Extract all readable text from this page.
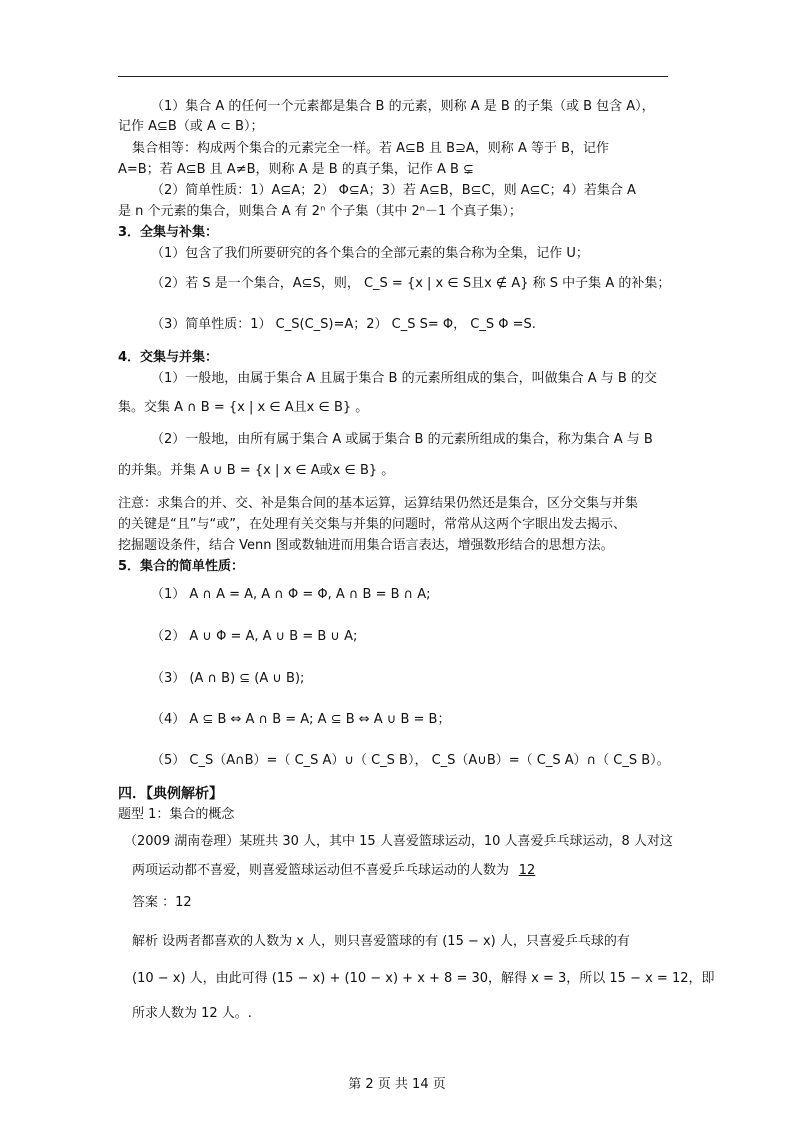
（1）集合 A 的任何一个元素都是集合 B 的元素，则称 A 是 B 的子集（或 B 包含 A），
记作 A⊆B（或 A ⊂ B）；
集合相等：构成两个集合的元素完全一样。若 A⊆B 且 B⊇A，则称 A 等于 B，记作
A=B；若 A⊆B 且 A≠B，则称 A 是 B 的真子集，记作 A B ⊊
（2）简单性质：1）A⊆A；2） Φ⊆A；3）若 A⊆B，B⊆C，则 A⊆C；4）若集合 A
是 n 个元素的集合，则集合 A 有 2ⁿ 个子集（其中 2ⁿ－1 个真子集）；
3．全集与补集：
（1）包含了我们所要研究的各个集合的全部元素的集合称为全集，记作 U；
（2）若 S 是一个集合，A⊆S，则， C_S = {x | x ∈ S且x ∉ A} 称 S 中子集 A 的补集；
（3）简单性质：1） C_S(C_S)=A；2） C_S S= Φ， C_S Φ =S.
4．交集与并集：
（1）一般地，由属于集合 A 且属于集合 B 的元素所组成的集合，叫做集合 A 与 B 的交
集。交集 A ∩ B = {x | x ∈ A且x ∈ B} 。
（2）一般地，由所有属于集合 A 或属于集合 B 的元素所组成的集合，称为集合 A 与 B
的并集。并集 A ∪ B = {x | x ∈ A或x ∈ B} 。
注意：求集合的并、交、补是集合间的基本运算，运算结果仍然还是集合，区分交集与并集
的关键是“且”与“或”，在处理有关交集与并集的问题时，常常从这两个字眼出发去揭示、
挖掘题设条件，结合 Venn 图或数轴进而用集合语言表达，增强数形结合的思想方法。
5．集合的简单性质：
（1） A ∩ A = A, A ∩ Φ = Φ, A ∩ B = B ∩ A;
（2） A ∪ Φ = A, A ∪ B = B ∪ A;
（3） (A ∩ B) ⊆ (A ∪ B);
（4） A ⊆ B ⇔ A ∩ B = A; A ⊆ B ⇔ A ∪ B = B；
（5） C_S（A∩B）=（ C_S A）∪（ C_S B）， C_S（A∪B）=（ C_S A）∩（ C_S B）。
四．【典例解析】
题型 1：集合的概念
（2009 湖南卷理）某班共 30 人，其中 15 人喜爱篮球运动，10 人喜爱乒乓球运动，8 人对这
两项运动都不喜爱，则喜爱篮球运动但不喜爱乒乓球运动的人数为 12
答案 ：12
解析 设两者都喜欢的人数为 x 人，则只喜爱篮球的有 (15 − x) 人，只喜爱乒乓球的有
(10 − x) 人，由此可得 (15 − x) + (10 − x) + x + 8 = 30，解得 x = 3，所以 15 − x = 12，即
所求人数为 12 人。.
第 2 页 共 14 页
